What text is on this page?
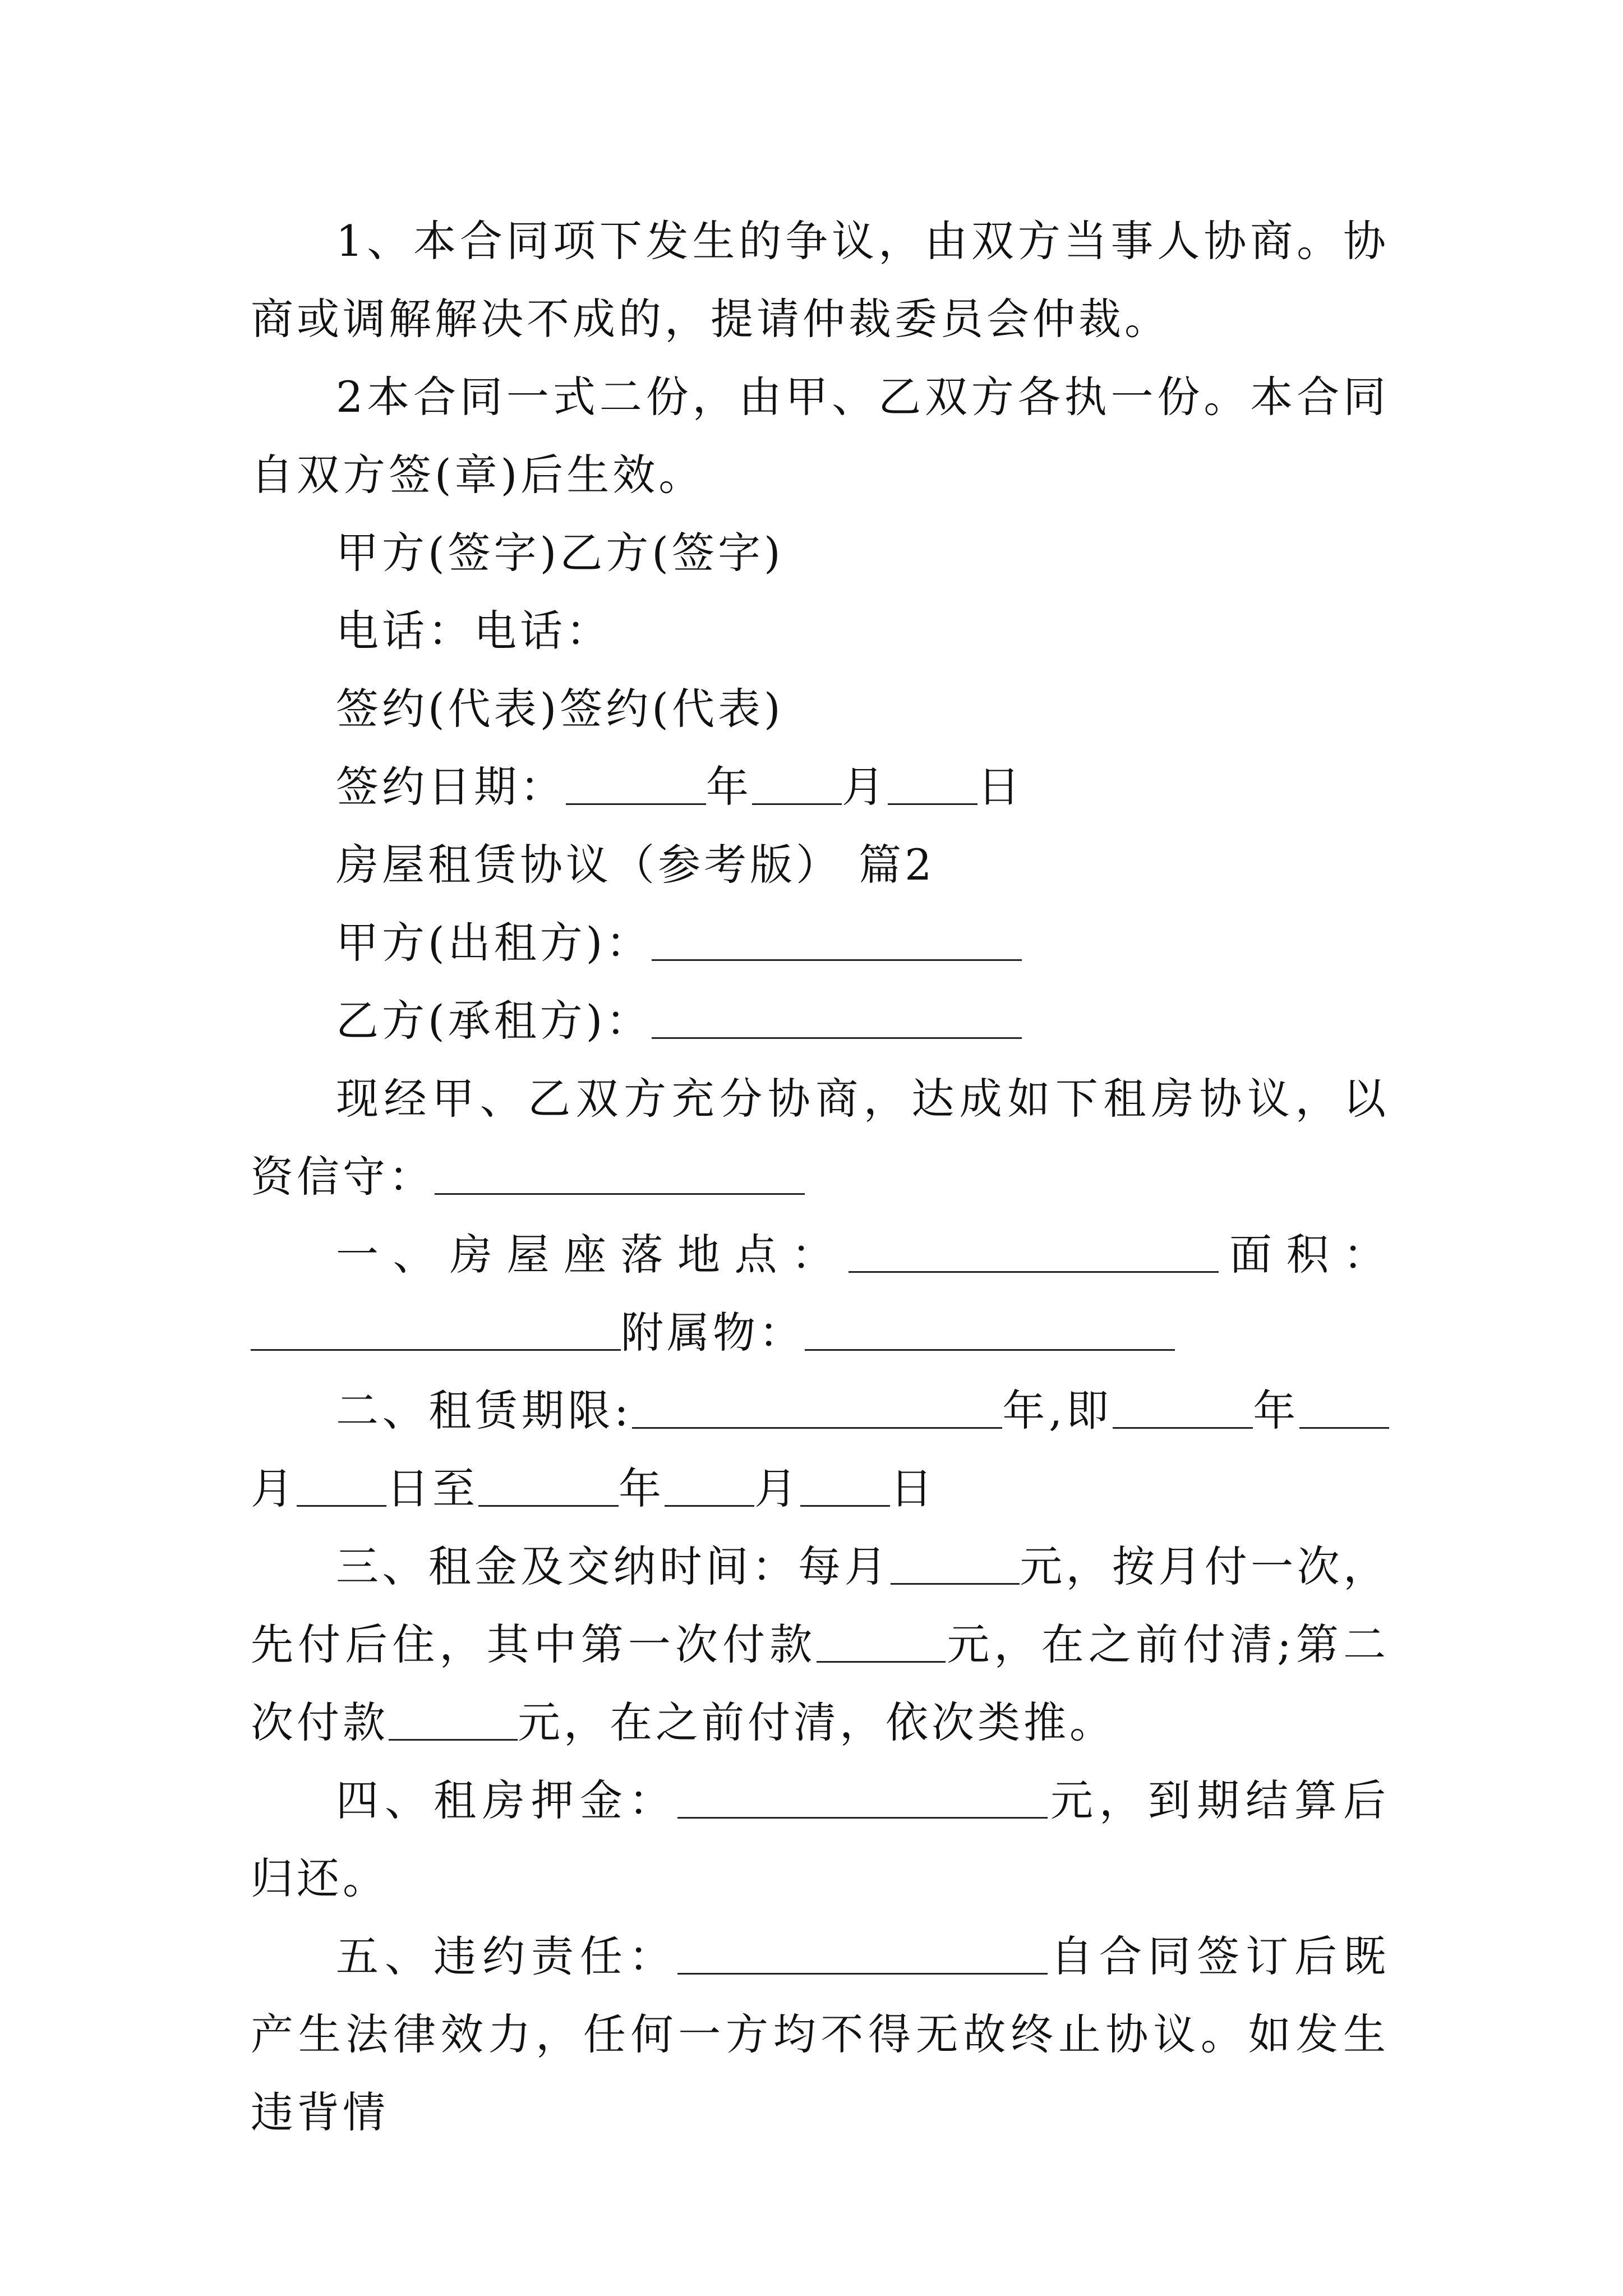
1、本合同项下发生的争议，由双方当事人协商。协商或调解解决不成的，提请仲裁委员会仲裁。

2本合同一式二份，由甲、乙双方各执一份。本合同自双方签(章)后生效。

甲方(签字)乙方(签字)

电话：电话：

签约(代表)签约(代表)

签约日期：	年 月 日

房屋租赁协议（参考版） 篇2

甲方(出租方)：

乙方(承租方)：

现经甲、乙双方充分协商，达成如下租房协议，以资信守：

一、房屋座落地点：	面积：附属物：

二、租赁期限:	年,即	年月 日至	年 月 日

三、租金及交纳时间：每月	元，按月付一次，先付后住，其中第一次付款	元，在之前付清;第二次付款	元，在之前付清，依次类推。

四、租房押金：	元，到期结算后归还。

五、违约责任：	自合同签订后既产生法律效力，任何一方均不得无故终止协议。如发生违背情
